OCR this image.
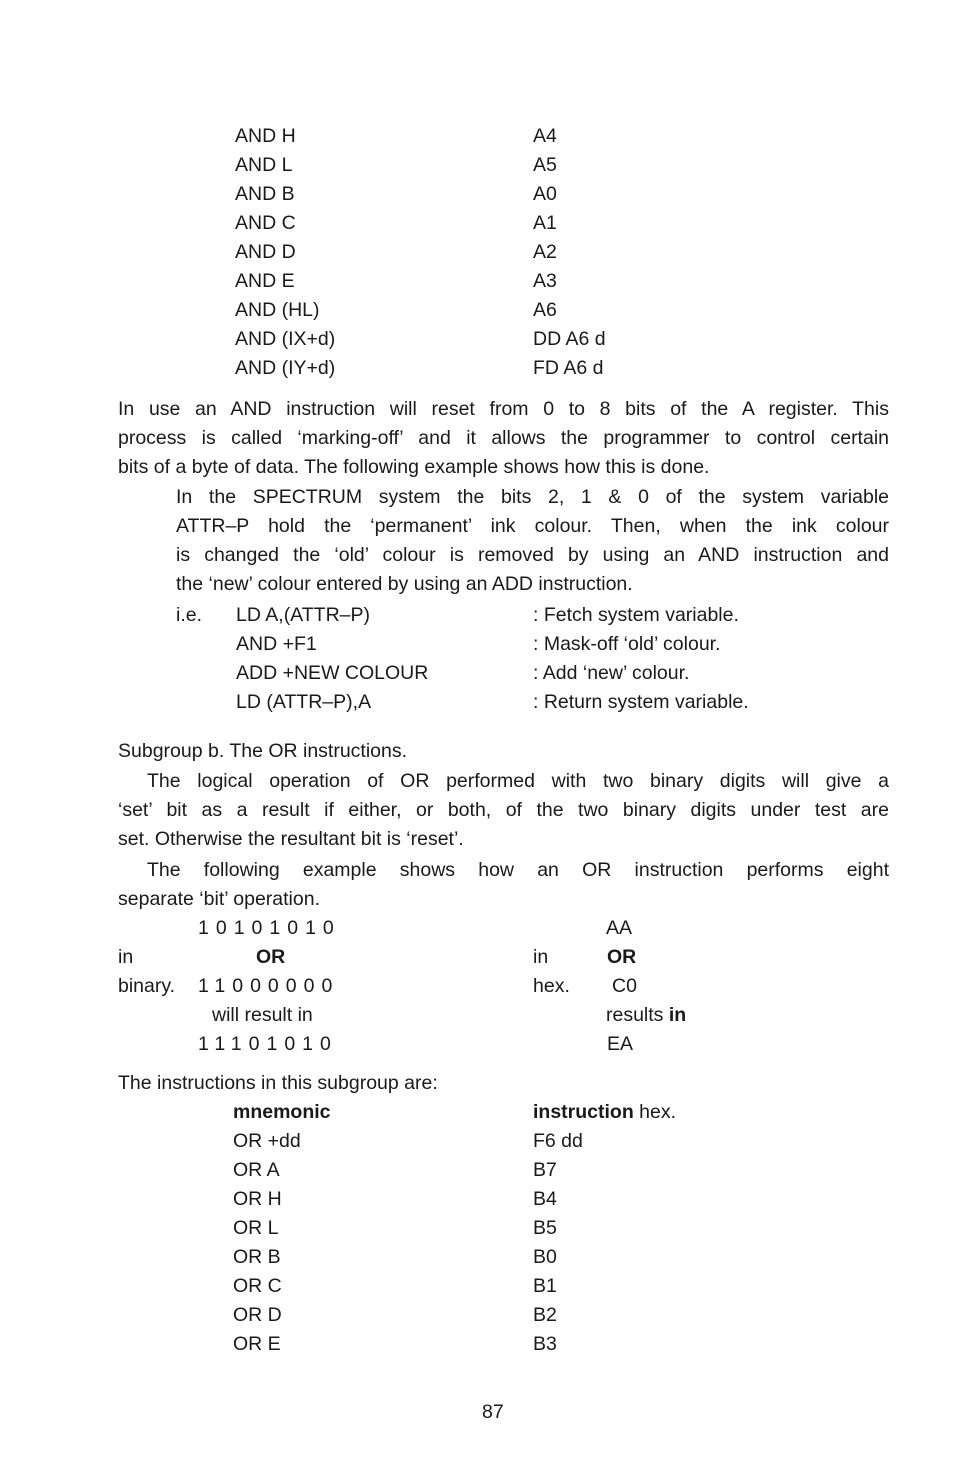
AND H	A4
AND L	A5
AND B	A0
AND C	A1
AND D	A2
AND E	A3
AND (HL)	A6
AND (IX+d)	DD A6 d
AND (IY+d)	FD A6 d
In use an AND instruction will reset from 0 to 8 bits of the A register. This
process is called ‘marking-off’ and it allows the programmer to control certain
bits of a byte of data. The following example shows how this is done.
In the SPECTRUM system the bits 2, 1 & 0 of the system variable
ATTR–P hold the ‘permanent’ ink colour. Then, when the ink colour
is changed the ‘old’ colour is removed by using an AND instruction and
the ‘new’ colour entered by using an ADD instruction.
i.e. LD A,(ATTR–P)	: Fetch system variable.
AND +F1	: Mask-off ‘old’ colour.
ADD +NEW COLOUR	: Add ‘new’ colour.
LD (ATTR–P),A	: Return system variable.
Subgroup b. The OR instructions.
The logical operation of OR performed with two binary digits will give a
‘set’ bit as a result if either, or both, of the two binary digits under test are
set. Otherwise the resultant bit is ‘reset’.
The following example shows how an OR instruction performs eight
separate ‘bit’ operation.
10101010	AA
in	OR	in	OR
binary. 11000000	hex. C0
will result in	results in
11101010	EA
The instructions in this subgroup are:
mnemonic	instruction hex.
OR +dd	F6 dd
OR A	B7
OR H	B4
OR L	B5
OR B	B0
OR C	B1
OR D	B2
OR E	B3
87
